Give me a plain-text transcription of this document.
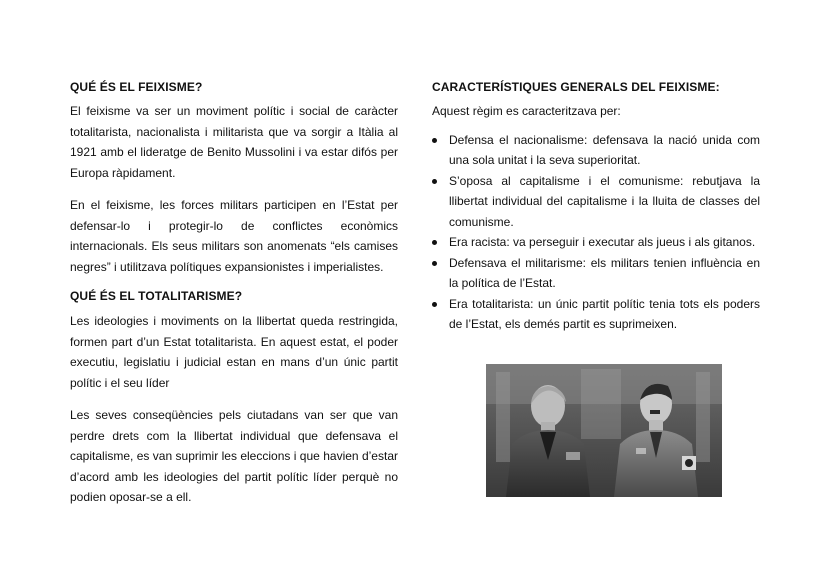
QUÉ ÉS EL FEIXISME?

El feixisme va ser un moviment polític i social de caràcter totalitarista, nacionalista i militarista que va sorgir a Itàlia al 1921 amb el lideratge de Benito Mussolini i va estar difós per Europa ràpidament.

En el feixisme, les forces militars participen en l’Estat per defensar-lo i protegir-lo de conflictes econòmics internacionals. Els seus militars son anomenats “els camises negres” i utilitzava polítiques expansionistes i imperialistes.

QUÉ ÉS EL TOTALITARISME?

Les ideologies i moviments on la llibertat queda restringida, formen part d’un Estat totalitarista. En aquest estat, el poder executiu, legislatiu i judicial estan en mans d’un únic partit polític i el seu líder

Les seves conseqüències pels ciutadans van ser que van perdre drets com la llibertat individual que defensava el capitalisme, es van suprimir les eleccions i que havien d’estar d’acord amb les ideologies del partit polític líder perquè no podien oposar-se a ell.

CARACTERÍSTIQUES GENERALS DEL FEIXISME:

Aquest règim es caracteritzava per:

Defensa el nacionalisme: defensava la nació unida com una sola unitat i la seva superioritat.
S’oposa al capitalisme i el comunisme: rebutjava la llibertat individual del capitalisme i la lluita de classes del comunisme.
Era racista: va perseguir i executar als jueus i als gitanos.
Defensava el militarisme: els militars tenien influència en la política de l’Estat.
Era totalitarista: un únic partit polític tenia tots els poders de l’Estat, els demés partit es suprimeixen.
